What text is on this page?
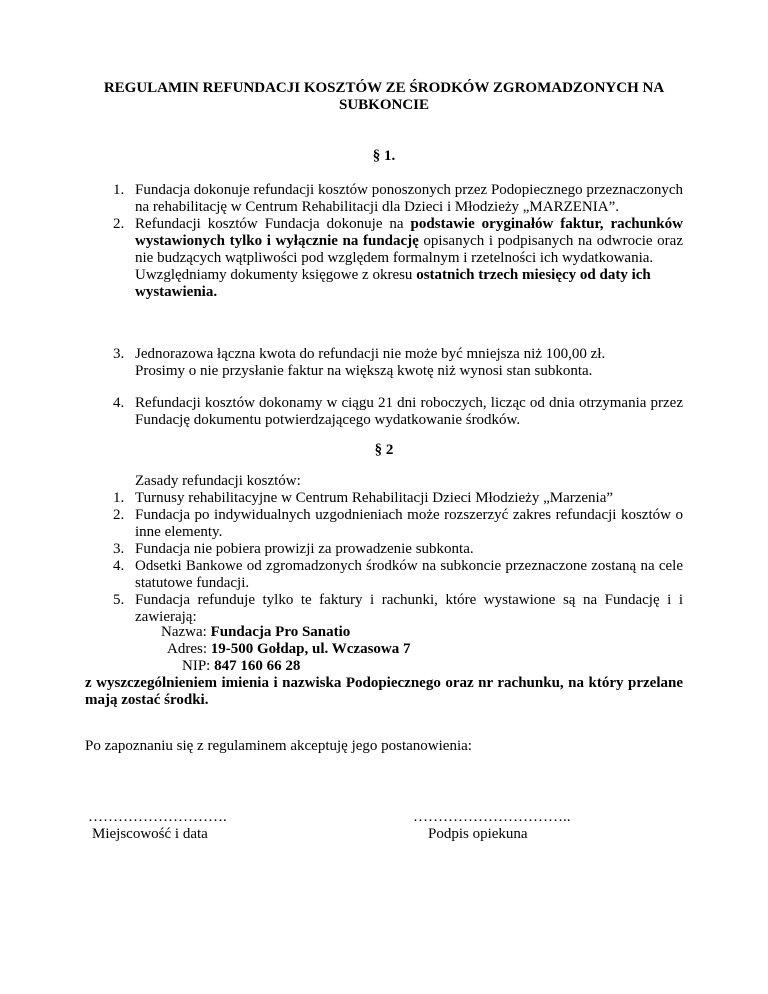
REGULAMIN REFUNDACJI KOSZTÓW ZE ŚRODKÓW ZGROMADZONYCH NA SUBKONCIE
§ 1.
1. Fundacja dokonuje refundacji kosztów ponoszonych przez Podopiecznego przeznaczonych na rehabilitację w Centrum Rehabilitacji dla Dzieci i Młodzieży „MARZENIA”.
2. Refundacji kosztów Fundacja dokonuje na podstawie oryginałów faktur, rachunków wystawionych tylko i wyłącznie na fundację opisanych i podpisanych na odwrocie oraz nie budzących wątpliwości pod względem formalnym i rzetelności ich wydatkowania.
Uwzględniamy dokumenty księgowe z okresu ostatnich trzech miesięcy od daty ich wystawienia.
3. Jednorazowa łączna kwota do refundacji nie może być mniejsza niż 100,00 zł.
Prosimy o nie przysłanie faktur na większą kwotę niż wynosi stan subkonta.
4. Refundacji kosztów dokonamy w ciągu 21 dni roboczych, licząc od dnia otrzymania przez Fundację dokumentu potwierdzającego wydatkowanie środków.
§ 2
Zasady refundacji kosztów:
1. Turnusy rehabilitacyjne w Centrum Rehabilitacji Dzieci Młodzieży „Marzenia”
2. Fundacja po indywidualnych uzgodnieniach może rozszerzyć zakres refundacji kosztów o inne elementy.
3. Fundacja nie pobiera prowizji za prowadzenie subkonta.
4. Odsetki Bankowe od zgromadzonych środków na subkoncie przeznaczone zostaną na cele statutowe fundacji.
5. Fundacja refunduje tylko te faktury i rachunki, które wystawione są na Fundację i i zawierają:
Nazwa: Fundacja Pro Sanatio
Adres: 19-500 Gołdap, ul. Wczasowa 7
NIP: 847 160 66 28
z wyszczególnieniem imienia i nazwiska Podopiecznego oraz nr rachunku, na który przelane mają zostać środki.
Po zapoznaniu się z regulaminem akceptuję jego postanowienia:
……………………….	…………………………..
Miejscowość i data	Podpis opiekuna
